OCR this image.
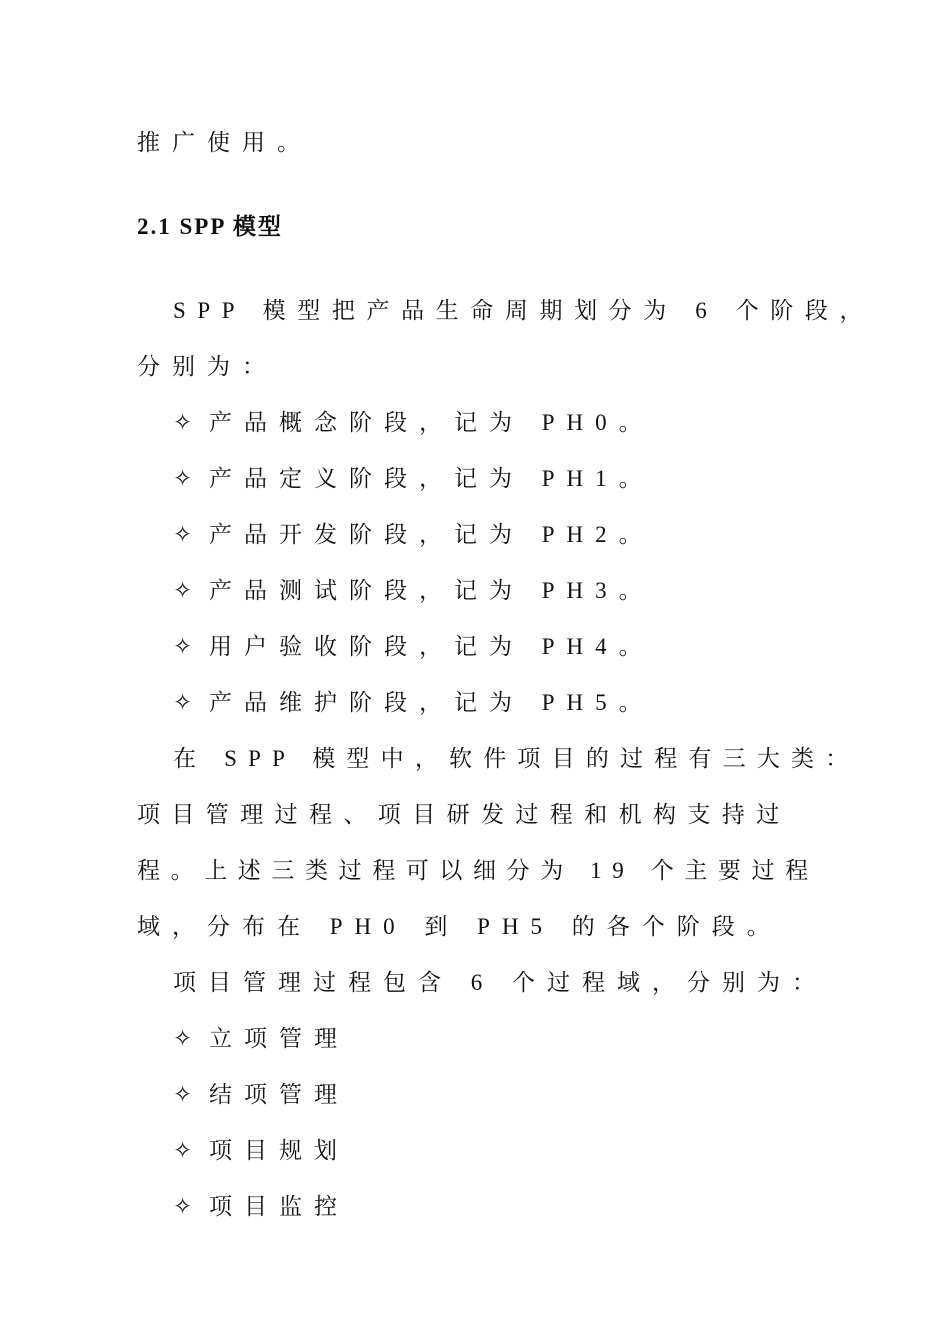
推广使用。
2.1 SPP 模型
SPP 模型把产品生命周期划分为 6 个阶段，
分别为：
✧ 产品概念阶段，记为 PH0。
✧ 产品定义阶段，记为 PH1。
✧ 产品开发阶段，记为 PH2。
✧ 产品测试阶段，记为 PH3。
✧ 用户验收阶段，记为 PH4。
✧ 产品维护阶段，记为 PH5。
在 SPP 模型中，软件项目的过程有三大类：
项目管理过程、项目研发过程和机构支持过
程。上述三类过程可以细分为 19 个主要过程
域，分布在 PH0 到 PH5 的各个阶段。
项目管理过程包含 6 个过程域，分别为：
✧ 立项管理
✧ 结项管理
✧ 项目规划
✧ 项目监控
